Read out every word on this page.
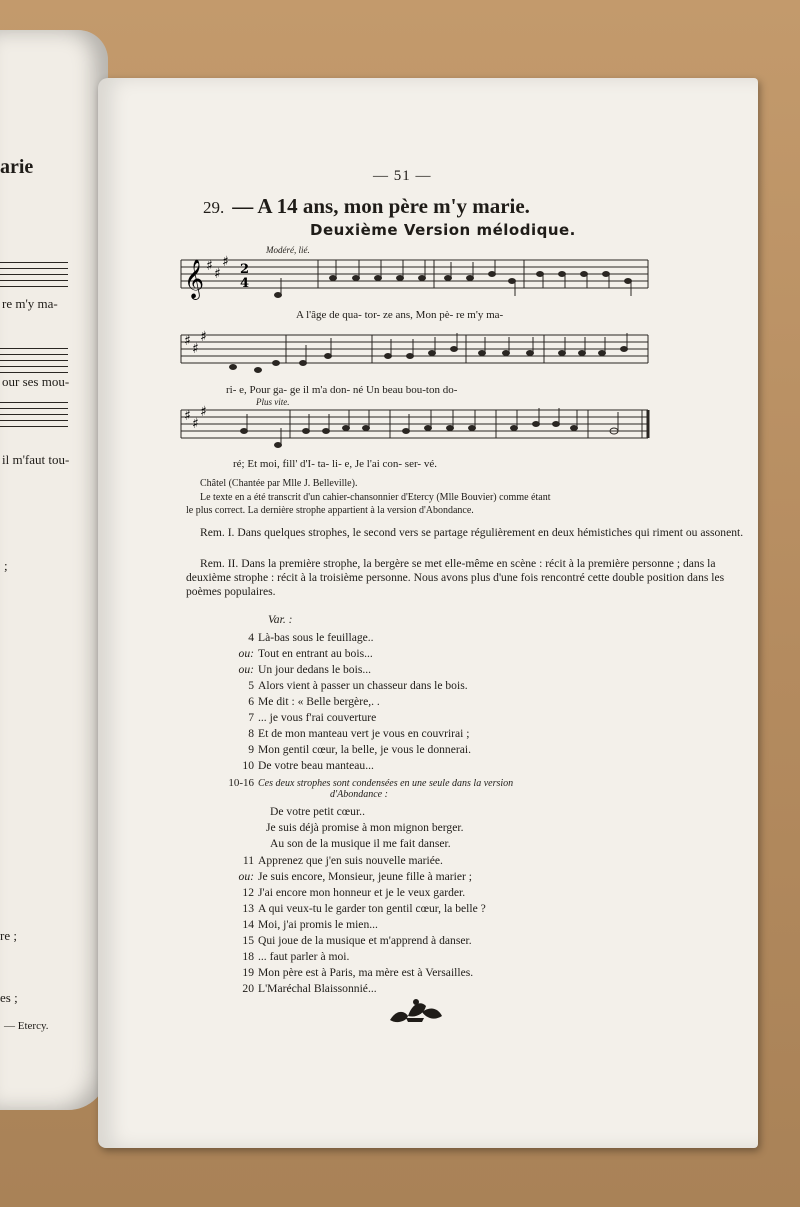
arie
re m'y ma-
our ses mou-
il m'faut tou-
;
re ;
es ;
— Etercy.
— 51 —
29. — A 14 ans, mon père m'y marie.
Deuxième Version mélodique.
Modéré, lié.
𝄞 ♯ ♯
♯ 2
4
A l'âge de qua- tor- ze ans, Mon pè- re m'y ma-
♯ ♯
♯
ri- e, Pour ga- ge il m'a don- né Un beau bou-ton do-
Plus vite.
♯ ♯
♯
ré; Et moi, fill' d'I- ta- li- e, Je l'ai con- ser- vé.
Châtel (Chantée par Mlle J. Belleville).
Le texte en a été transcrit d'un cahier-chansonnier d'Etercy (Mlle Bouvier) comme étant
le plus correct. La dernière strophe appartient à la version d'Abondance.
Rem. I. Dans quelques strophes, le second vers se partage régulièrement en deux hémistiches qui riment ou assonent.
Rem. II. Dans la première strophe, la bergère se met elle-même en scène : récit à la première personne ; dans la deuxième strophe : récit à la troisième personne. Nous avons plus d'une fois rencontré cette double position dans les poèmes populaires.
Var. :
4 Là-bas sous le feuillage..
ou: Tout en entrant au bois...
ou: Un jour dedans le bois...
5 Alors vient à passer un chasseur dans le bois.
6 Me dit : « Belle bergère,. .
7 ... je vous f'rai couverture
8 Et de mon manteau vert je vous en couvrirai ;
9 Mon gentil cœur, la belle, je vous le donnerai.
10 De votre beau manteau...
10-16 Ces deux strophes sont condensées en une seule dans la version
d'Abondance :
De votre petit cœur..
Je suis déjà promise à mon mignon berger.
Au son de la musique il me fait danser.
11 Apprenez que j'en suis nouvelle mariée.
ou: Je suis encore, Monsieur, jeune fille à marier ;
12 J'ai encore mon honneur et je le veux garder.
13 A qui veux-tu le garder ton gentil cœur, la belle ?
14 Moi, j'ai promis le mien...
15 Qui joue de la musique et m'apprend à danser.
18 ... faut parler à moi.
19 Mon père est à Paris, ma mère est à Versailles.
20 L'Maréchal Blaissonnié...
